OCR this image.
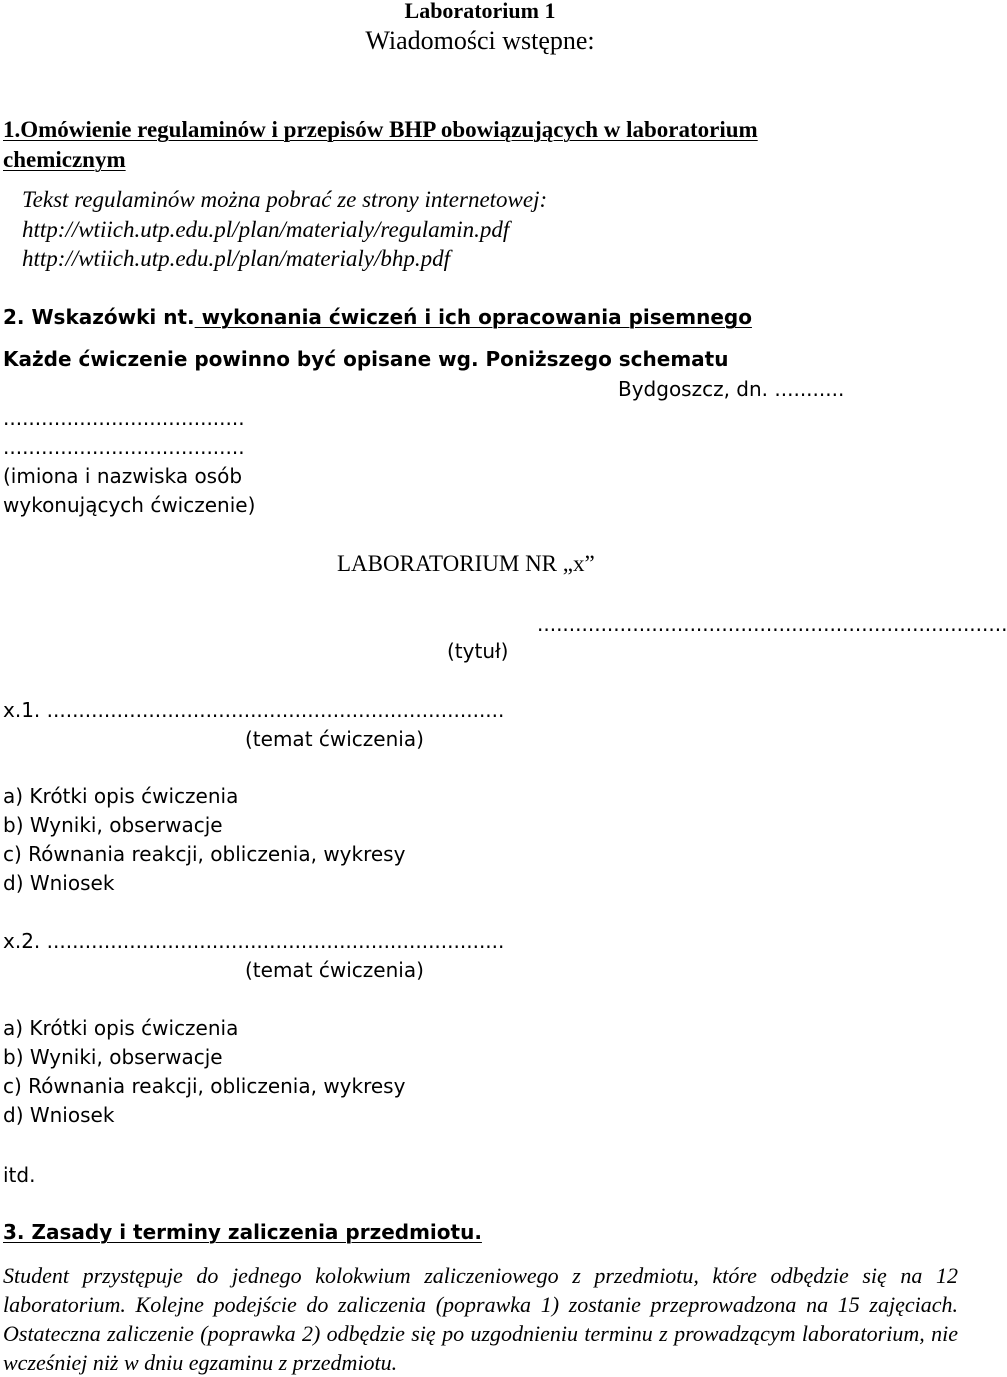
Laboratorium 1
Wiadomości wstępne:
1.Omówienie regulaminów i przepisów BHP obowiązujących w laboratorium
chemicznym
Tekst regulaminów można pobrać ze strony internetowej:
http://wtiich.utp.edu.pl/plan/materialy/regulamin.pdf
http://wtiich.utp.edu.pl/plan/materialy/bhp.pdf
2. Wskazówki nt. wykonania ćwiczeń i ich opracowania pisemnego
Każde ćwiczenie powinno być opisane wg. Poniższego schematu
Bydgoszcz, dn. ...........
......................................
......................................
(imiona i nazwiska osób
wykonujących ćwiczenie)
LABORATORIUM NR „x”
..........................................................................
(tytuł)
x.1. ........................................................................
(temat ćwiczenia)
a) Krótki opis ćwiczenia
b) Wyniki, obserwacje
c) Równania reakcji, obliczenia, wykresy
d) Wniosek
x.2. ........................................................................
(temat ćwiczenia)
a) Krótki opis ćwiczenia
b) Wyniki, obserwacje
c) Równania reakcji, obliczenia, wykresy
d) Wniosek
itd.
3. Zasady i terminy zaliczenia przedmiotu.
Student przystępuje do jednego kolokwium zaliczeniowego z przedmiotu, które odbędzie się na 12 laboratorium. Kolejne podejście do zaliczenia (poprawka 1) zostanie przeprowadzona na 15 zajęciach. Ostateczna zaliczenie (poprawka 2) odbędzie się po uzgodnieniu terminu z prowadzącym laboratorium, nie wcześniej niż w dniu egzaminu z przedmiotu.
